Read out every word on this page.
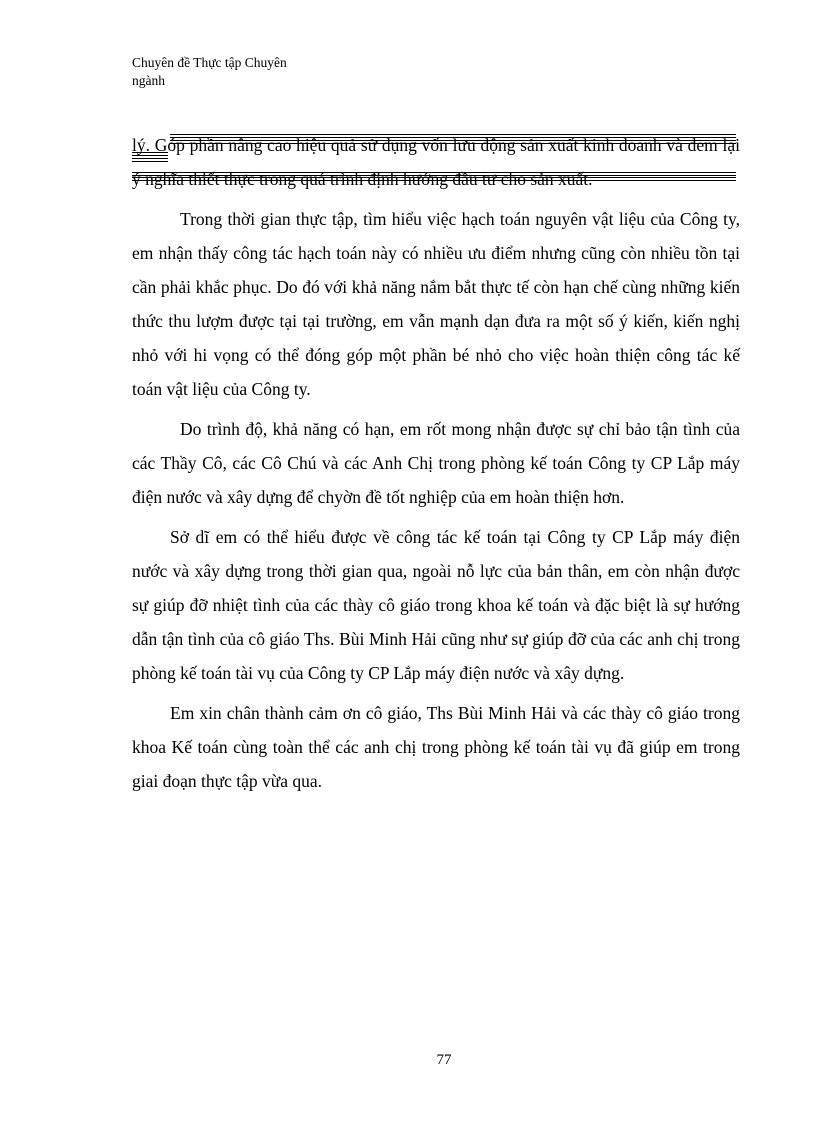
Chuyên đề Thực tập Chuyên
ngành

lý. Góp phần nâng cao hiệu quả sử dụng vốn lưu động sản xuất kinh doanh và đem lại ý nghĩa thiết thực trong quá trình định hướng đầu tư cho sản xuất.

Trong thời gian thực tập, tìm hiểu việc hạch toán nguyên vật liệu của Công ty, em nhận thấy công tác hạch toán này có nhiều ưu điểm nhưng cũng còn nhiều tồn tại cần phải khắc phục. Do đó với khả năng nắm bắt thực tế còn hạn chế cùng những kiến thức thu lượm được tại tại trường, em vẫn mạnh dạn đưa ra một số ý kiến, kiến nghị nhỏ với hi vọng có thể đóng góp một phần bé nhỏ cho việc hoàn thiện công tác kế toán vật liệu của Công ty.

Do trình độ, khả năng có hạn, em rốt mong nhận được sự chỉ bảo tận tình của các Thầy Cô, các Cô Chú và các Anh Chị trong phòng kế toán Công ty CP Lắp máy điện nước và xây dựng để chyờn đề tốt nghiệp của em hoàn thiện hơn.

Sở dĩ em có thể hiểu được về công tác kế toán tại Công ty CP Lắp máy điện nước và xây dựng trong thời gian qua, ngoài nỗ lực của bản thân, em còn nhận được sự giúp đỡ nhiệt tình của các thày cô giáo trong khoa kế toán và đặc biệt là sự hướng dẫn tận tình của cô giáo Ths. Bùi Minh Hải cũng như sự giúp đỡ của các anh chị trong phòng kế toán tài vụ của Công ty CP Lắp máy điện nước và xây dựng.

Em xin chân thành cảm ơn cô giáo, Ths Bùi Minh Hải và các thày cô giáo trong khoa Kế toán cùng toàn thể các anh chị trong phòng kế toán tài vụ đã giúp em trong giai đoạn thực tập vừa qua.

77
